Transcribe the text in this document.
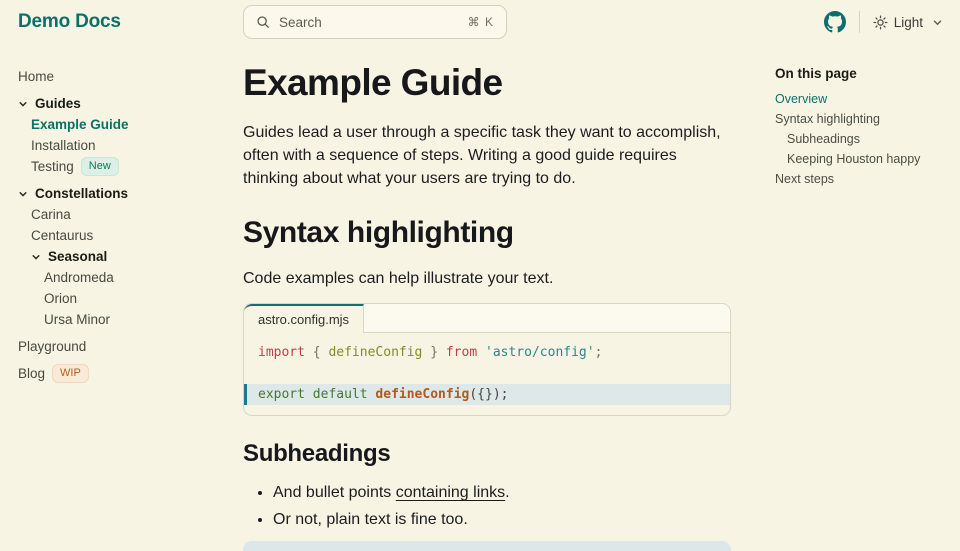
Demo Docs	Search	⌘ K	Light
Home
Guides
Example Guide
Installation
Testing	New
Constellations
Carina
Centaurus
Seasonal
Andromeda
Orion
Ursa Minor
Playground
Blog	WIP
Example Guide

Guides lead a user through a specific task they want to accomplish, often with a sequence of steps. Writing a good guide requires thinking about what your users are trying to do.

Syntax highlighting

Code examples can help illustrate your text.

astro.config.mjs
import { defineConfig } from 'astro/config';

export default defineConfig({});
Subheadings
• And bullet points containing links.
• Or not, plain text is fine too.
On this page
Overview
Syntax highlighting
Subheadings
Keeping Houston happy
Next steps
